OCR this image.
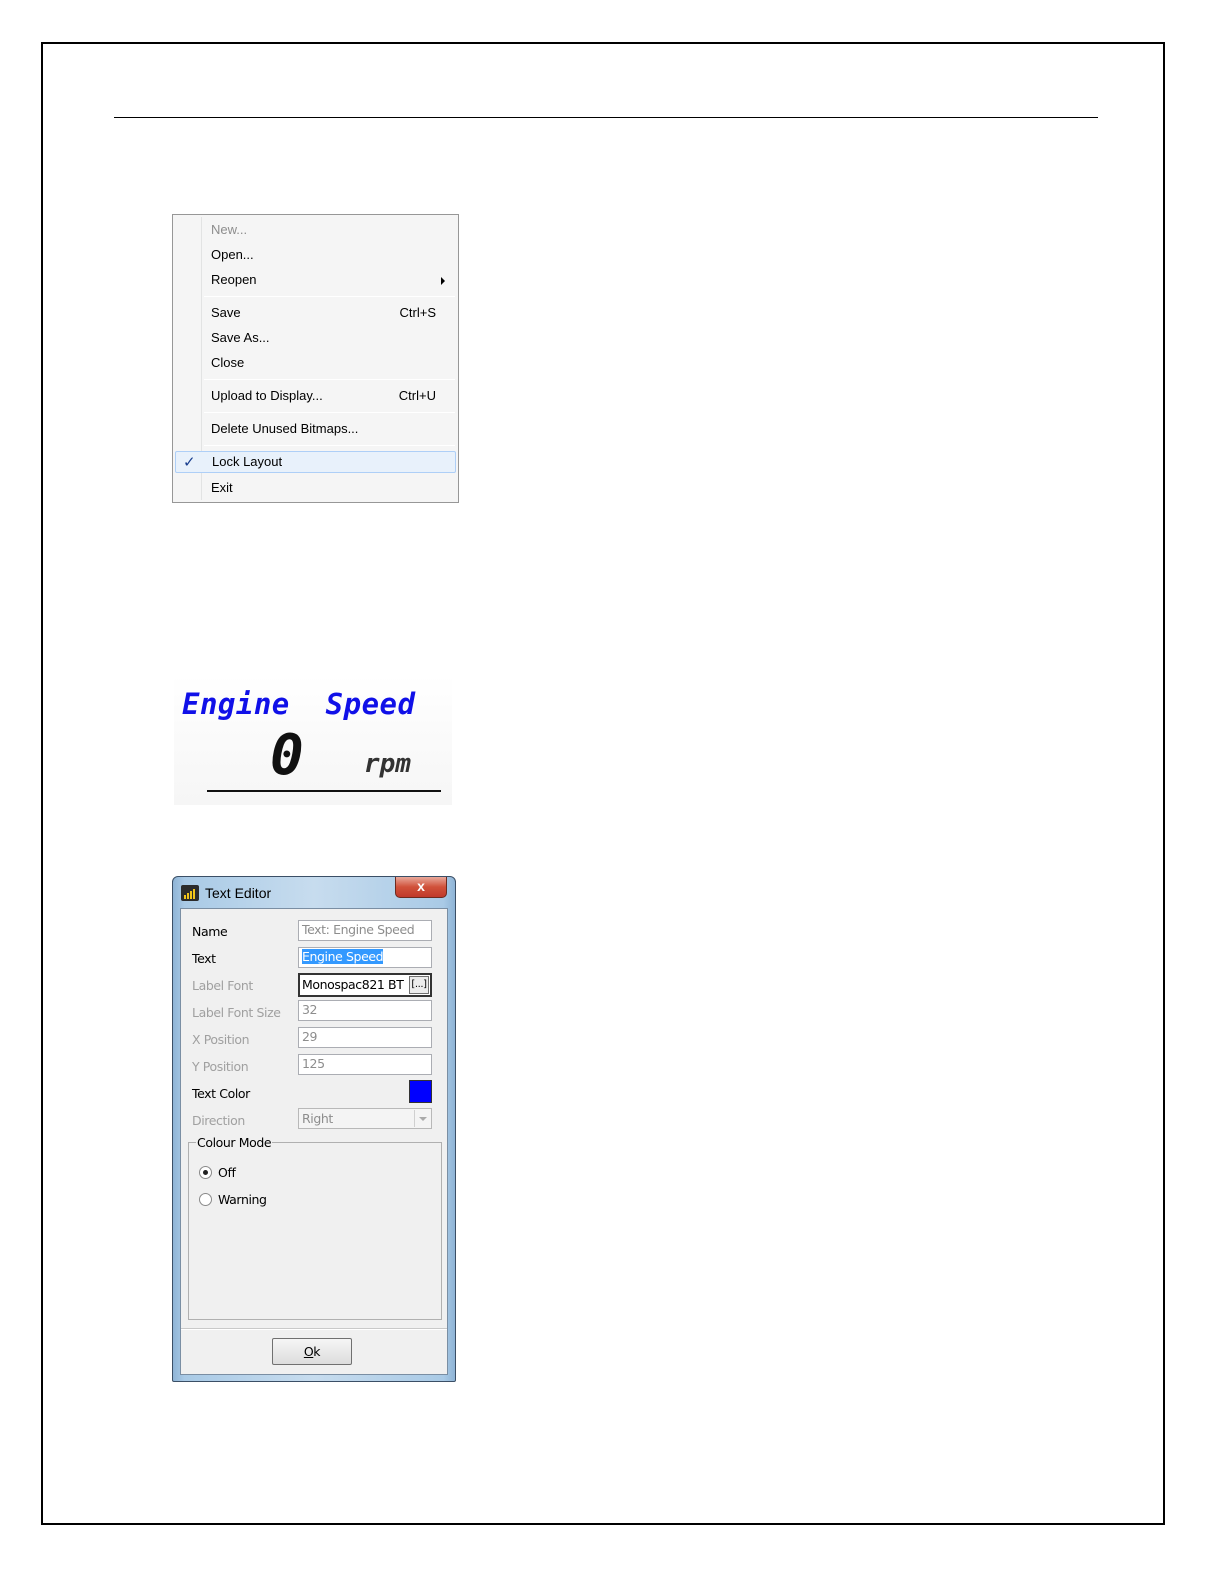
New...
Open...
Reopen
Save	Ctrl+S
Save As...
Close
Upload to Display...	Ctrl+U
Delete Unused Bitmaps...
✓ Lock Layout
Exit
Engine  Speed
0 rpm
Text Editor	x
Name	Text: Engine Speed
Text	Engine Speed
Label Font	Monospac821 BT [...]
Label Font Size	32
X Position	29
Y Position	125
Text Color
Direction	Right
Colour Mode
Off
Warning
Ok
